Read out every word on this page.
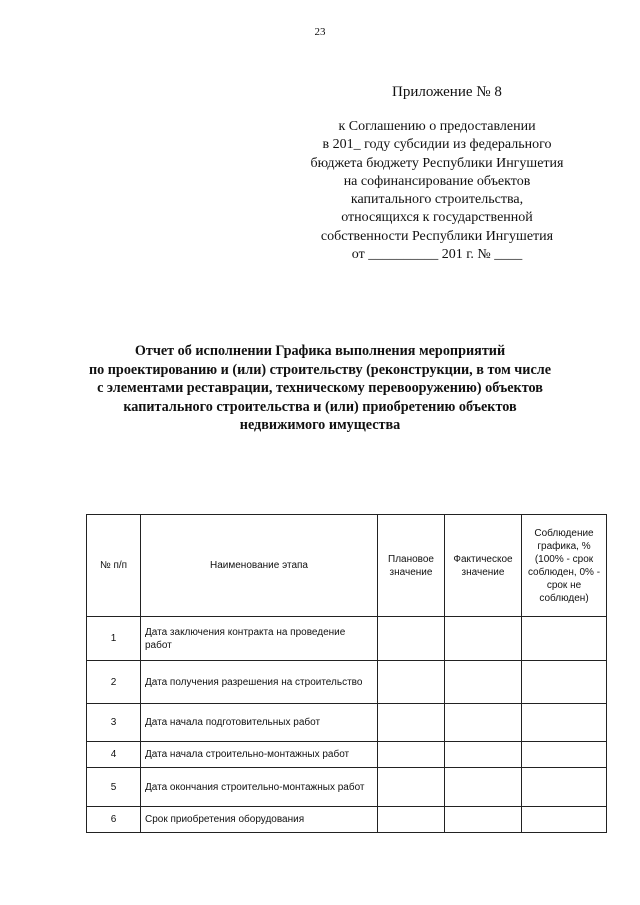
23
Приложение № 8
к Соглашению о предоставлении
в 201_ году субсидии из федерального
бюджета бюджету Республики Ингушетия
на софинансирование объектов
капитального строительства,
относящихся к государственной
собственности Республики Ингушетия
от __________ 201 г. № ____
Отчет об исполнении Графика выполнения мероприятий
по проектированию и (или) строительству (реконструкции, в том числе
с элементами реставрации, техническому перевооружению) объектов
капитального строительства и (или) приобретению объектов
недвижимого имущества
№ п/п	Наименование этапа	Плановое значение	Фактическое значение	Соблюдение графика, % (100% - срок соблюден, 0% - срок не соблюден)
1	Дата заключения контракта на проведение работ			
2	Дата получения разрешения на строительство			
3	Дата начала подготовительных работ			
4	Дата начала строительно-монтажных работ			
5	Дата окончания строительно-монтажных работ			
6	Срок приобретения оборудования			
